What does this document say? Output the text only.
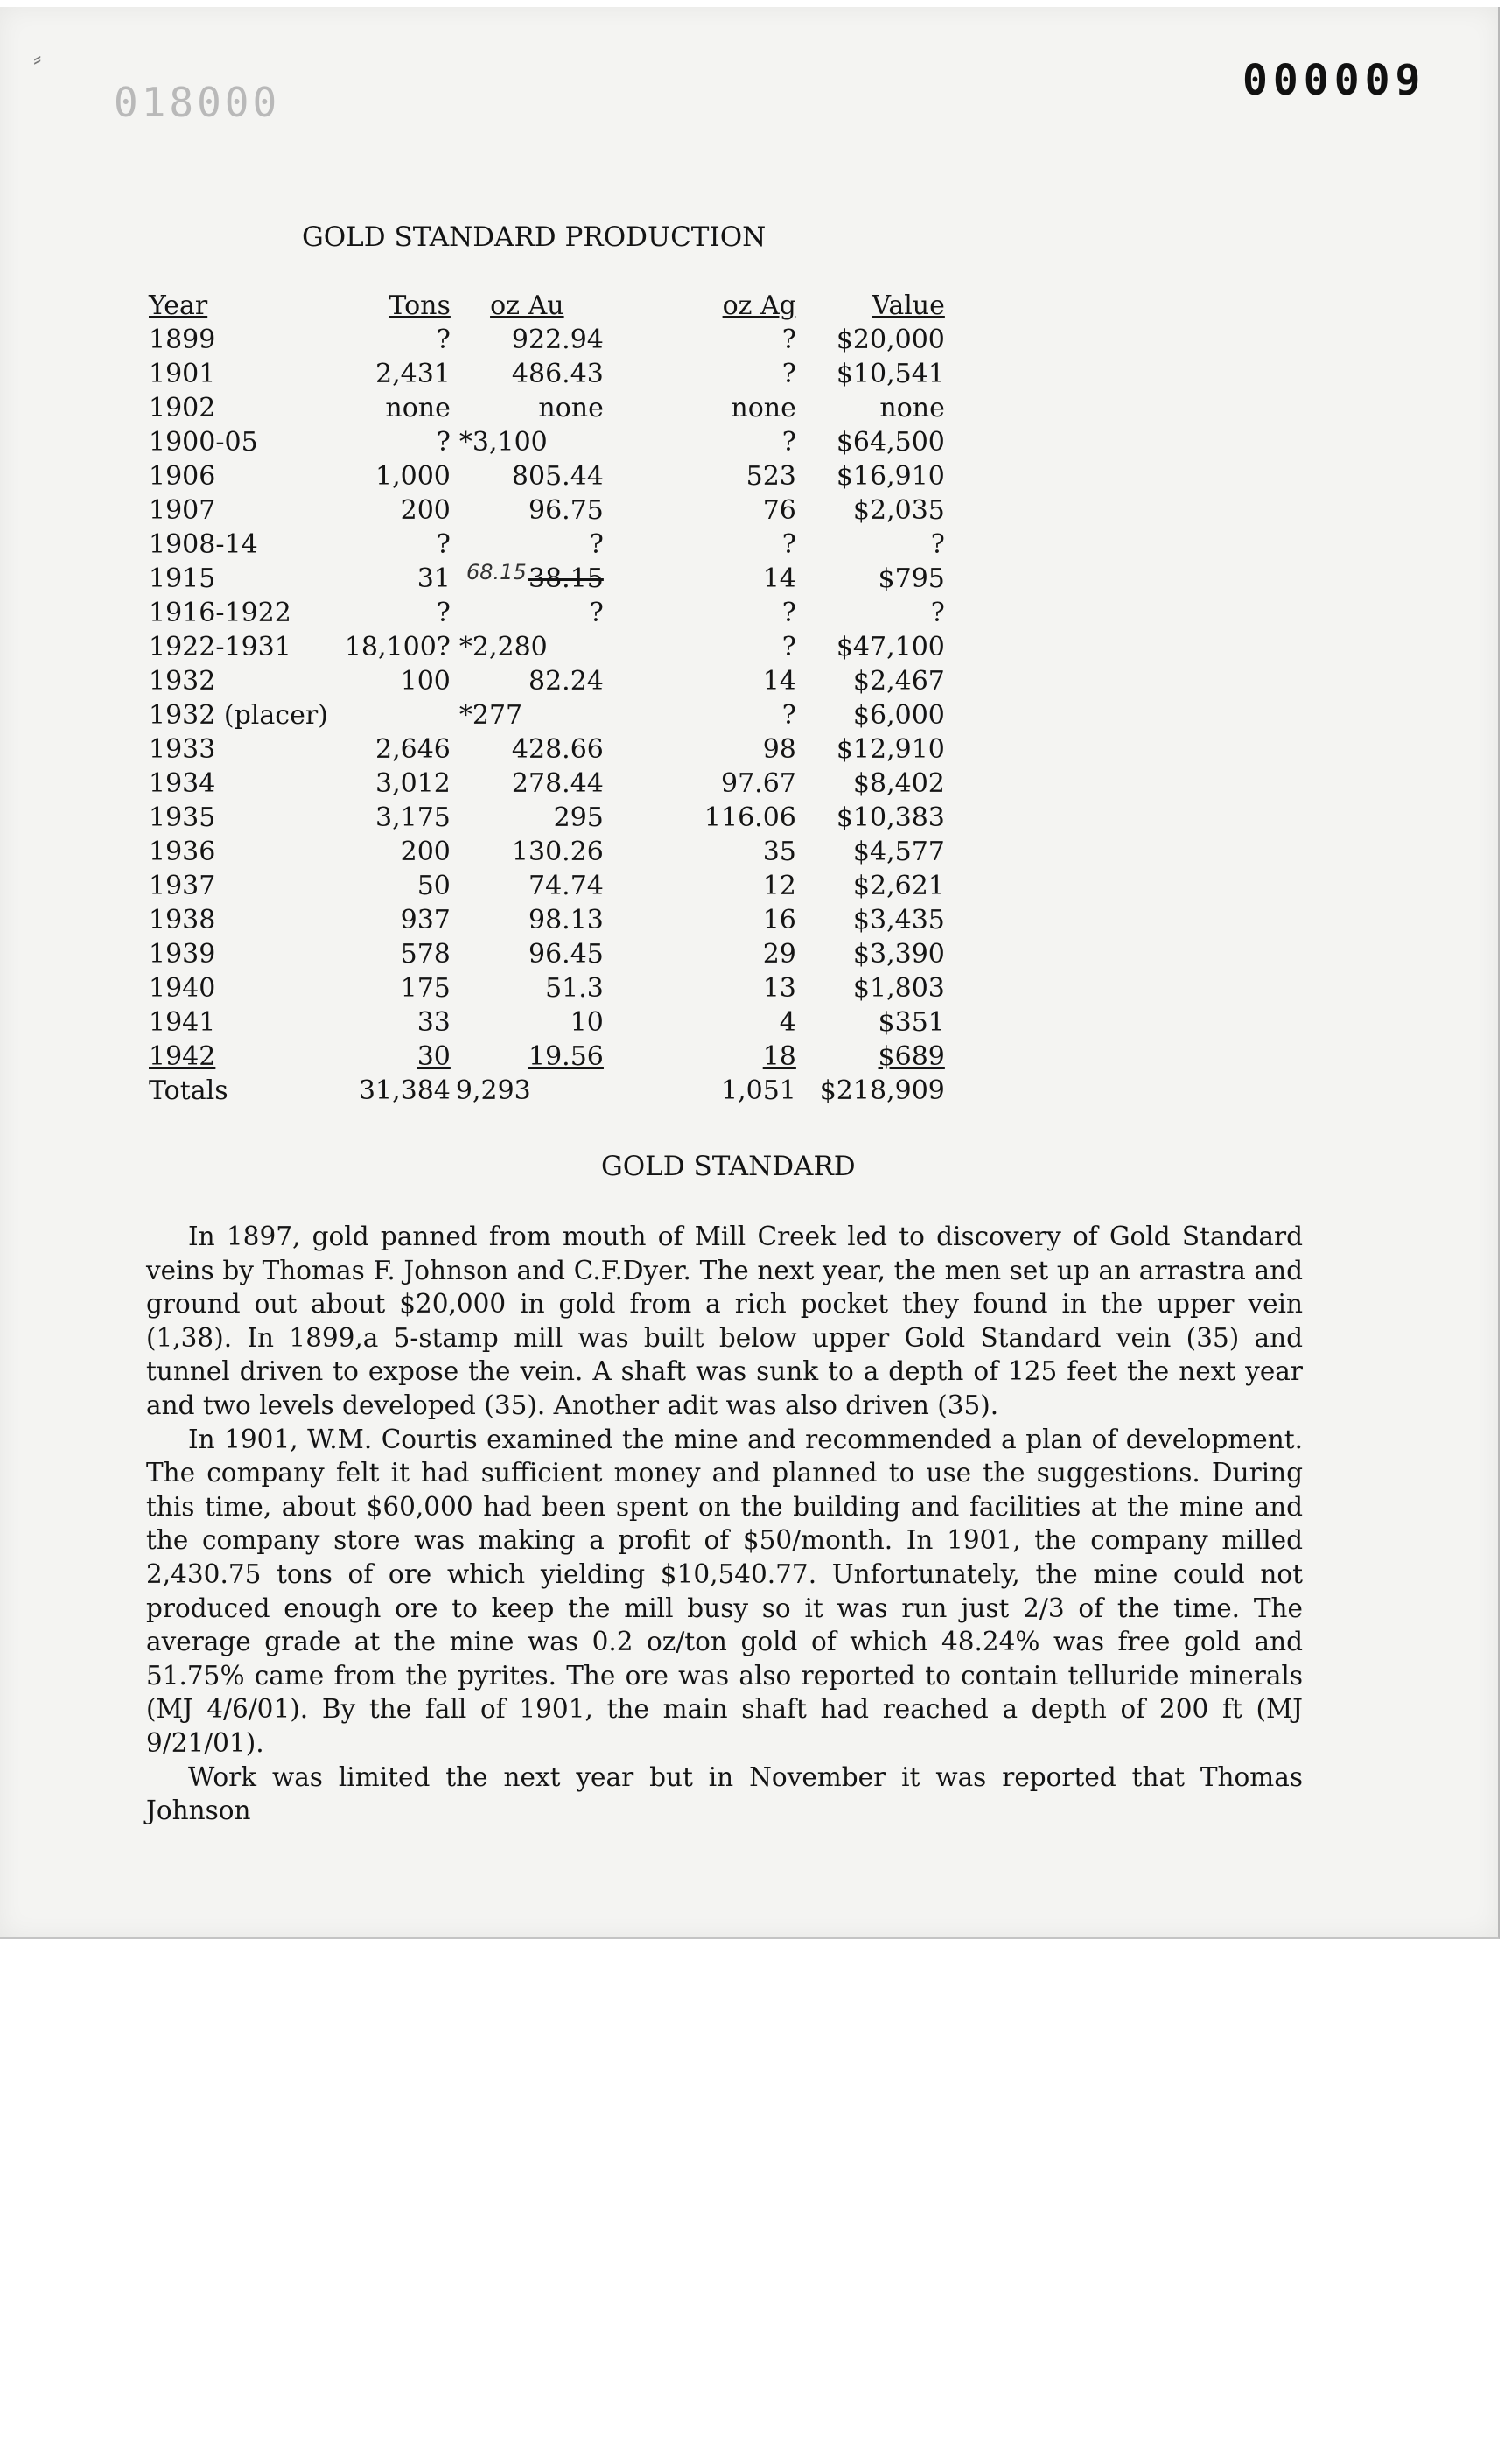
⸗
018000	000009
GOLD STANDARD PRODUCTION
Year	Tons	oz Au	oz Ag	Value
1899	?	922.94	?	$20,000
1901	2,431	486.43	?	$10,541
1902	none	none	none	none
1900-05	?	*3,100	?	$64,500
1906	1,000	805.44	523	$16,910
1907	200	96.75	76	$2,035
1908-14	?	?	?	?
1915	31	38.15	14	$795
1916-1922	?	?	?	?
1922-1931	18,100?	*2,280	?	$47,100
1932	100	82.24	14	$2,467
1932 (placer)		*277	?	$6,000
1933	2,646	428.66	98	$12,910
1934	3,012	278.44	97.67	$8,402
1935	3,175	295	116.06	$10,383
1936	200	130.26	35	$4,577
1937	50	74.74	12	$2,621
1938	937	98.13	16	$3,435
1939	578	96.45	29	$3,390
1940	175	51.3	13	$1,803
1941	33	10	4	$351
1942	30	19.56	18	$689
Totals	31,384	9,293	1,051	$218,909
68.15
GOLD STANDARD

In 1897, gold panned from mouth of Mill Creek led to discovery of Gold Standard veins by Thomas F. Johnson and C.F.Dyer. The next year, the men set up an arrastra and ground out about $20,000 in gold from a rich pocket they found in the upper vein (1,38). In 1899,a 5-stamp mill was built below upper Gold Standard vein (35) and tunnel driven to expose the vein. A shaft was sunk to a depth of 125 feet the next year and two levels developed (35). Another adit was also driven (35).

In 1901, W.M. Courtis examined the mine and recommended a plan of development. The company felt it had sufficient money and planned to use the suggestions. During this time, about $60,000 had been spent on the building and facilities at the mine and the company store was making a profit of $50/month. In 1901, the company milled 2,430.75 tons of ore which yielding $10,540.77. Unfortunately, the mine could not produced enough ore to keep the mill busy so it was run just 2/3 of the time. The average grade at the mine was 0.2 oz/ton gold of which 48.24% was free gold and 51.75% came from the pyrites. The ore was also reported to contain telluride minerals (MJ 4/6/01). By the fall of 1901, the main shaft had reached a depth of 200 ft (MJ 9/21/01).

Work was limited the next year but in November it was reported that Thomas Johnson
